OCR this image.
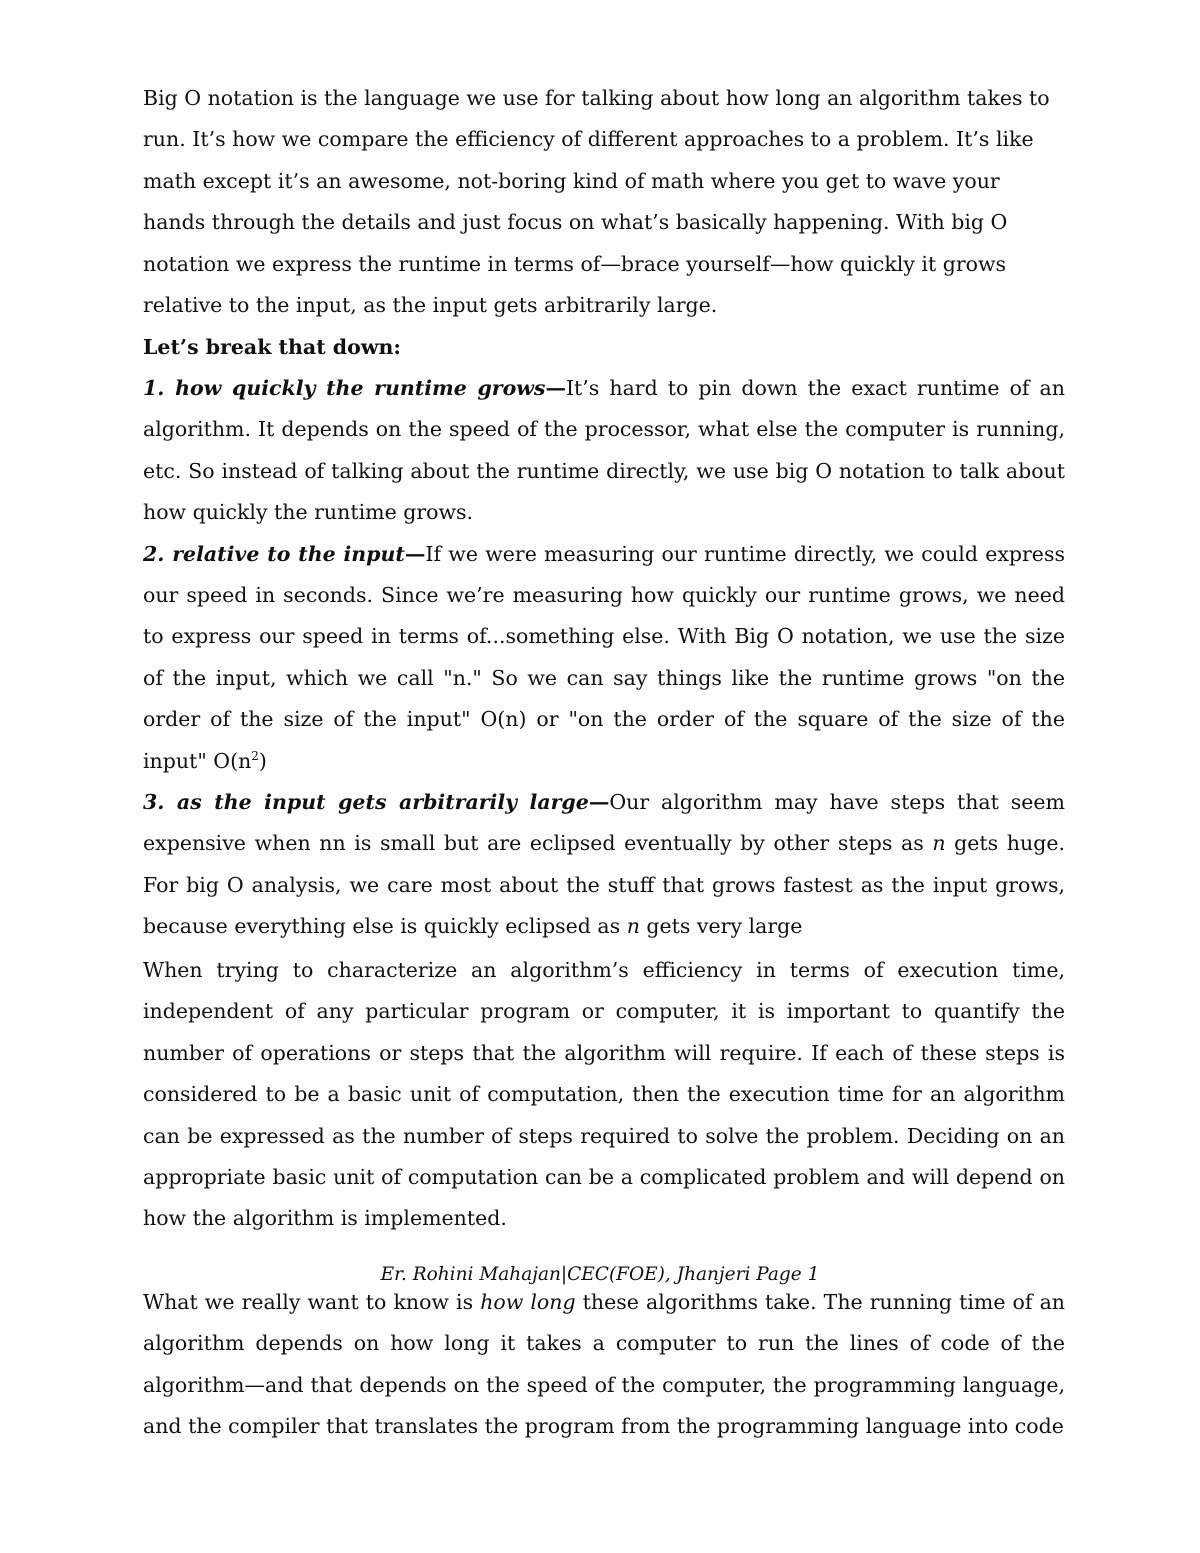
Big O notation is the language we use for talking about how long an algorithm takes to run. It’s how we compare the efficiency of different approaches to a problem. It’s like math except it’s an awesome, not-boring kind of math where you get to wave your hands through the details and just focus on what’s basically happening. With big O notation we express the runtime in terms of—brace yourself—how quickly it grows relative to the input, as the input gets arbitrarily large.

Let’s break that down:

1. how quickly the runtime grows—It’s hard to pin down the exact runtime of an algorithm. It depends on the speed of the processor, what else the computer is running, etc. So instead of talking about the runtime directly, we use big O notation to talk about how quickly the runtime grows.

2. relative to the input—If we were measuring our runtime directly, we could express our speed in seconds. Since we’re measuring how quickly our runtime grows, we need to express our speed in terms of...something else. With Big O notation, we use the size of the input, which we call "n." So we can say things like the runtime grows "on the order of the size of the input" O(n) or "on the order of the square of the size of the input" $O(n^2)$

3. as the input gets arbitrarily large—Our algorithm may have steps that seem expensive when nn is small but are eclipsed eventually by other steps as n gets huge. For big O analysis, we care most about the stuff that grows fastest as the input grows, because everything else is quickly eclipsed as n gets very large

When trying to characterize an algorithm’s efficiency in terms of execution time, independent of any particular program or computer, it is important to quantify the number of operations or steps that the algorithm will require. If each of these steps is considered to be a basic unit of computation, then the execution time for an algorithm can be expressed as the number of steps required to solve the problem. Deciding on an appropriate basic unit of computation can be a complicated problem and will depend on how the algorithm is implemented.

Er. Rohini Mahajan|CEC(FOE), Jhanjeri Page 1

What we really want to know is how long these algorithms take. The running time of an algorithm depends on how long it takes a computer to run the lines of code of the algorithm—and that depends on the speed of the computer, the programming language, and the compiler that translates the program from the programming language into code
